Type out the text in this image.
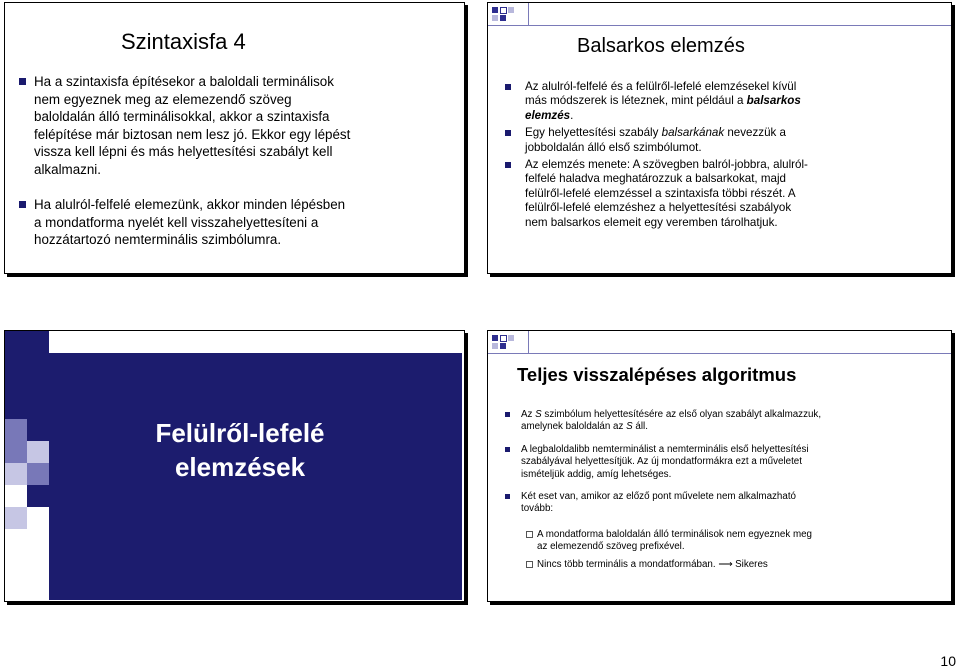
Szintaxisfa 4
Ha a szintaxisfa építésekor a baloldali terminálisok nem egyeznek meg az elemezendő szöveg baloldalán álló terminálisokkal, akkor a szintaxisfa felépítése már biztosan nem lesz jó. Ekkor egy lépést vissza kell lépni és más helyettesítési szabályt kell alkalmazni.
Ha alulról-felfelé elemezünk, akkor minden lépésben a mondatforma nyelét kell visszahelyettesíteni a hozzátartozó nemterminális szimbólumra.
Balsarkos elemzés
Az alulról-felfelé és a felülről-lefelé elemzésekel kívül más módszerek is léteznek, mint például a balsarkos elemzés.
Egy helyettesítési szabály balsarkának nevezzük a jobboldalán álló első szimbólumot.
Az elemzés menete: A szövegben balról-jobbra, alulról-felfelé haladva meghatározzuk a balsarkokat, majd felülről-lefelé elemzéssel a szintaxisfa többi részét. A felülről-lefelé elemzéshez a helyettesítési szabályok nem balsarkos elemeit egy veremben tárolhatjuk.
Felülről-lefelé
elemzések
Teljes visszalépéses algoritmus
Az S szimbólum helyettesítésére az első olyan szabályt alkalmazzuk, amelynek baloldalán az S áll.
A legbaloldalibb nemterminálist a nemterminális első helyettesítési szabályával helyettesítjük. Az új mondatformákra ezt a műveletet ismételjük addig, amíg lehetséges.
Két eset van, amikor az előző pont művelete nem alkalmazható tovább:
A mondatforma baloldalán álló terminálisok nem egyeznek meg az elemezendő szöveg prefixével.
Nincs több terminális a mondatformában. ⟶ Sikeres
10
